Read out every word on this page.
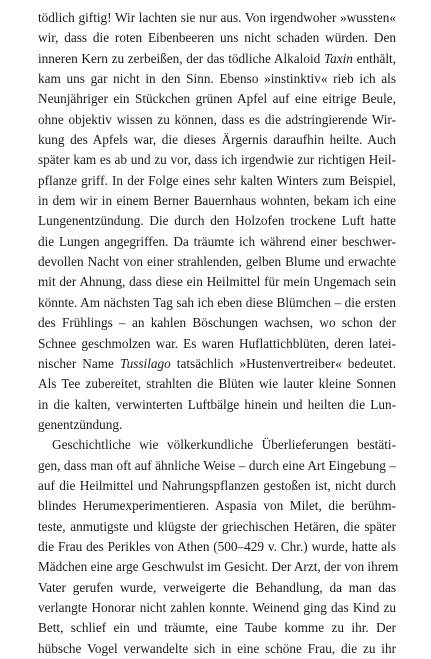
tödlich giftig! Wir lachten sie nur aus. Von irgendwoher »wussten«
wir, dass die roten Eibenbeeren uns nicht schaden würden. Den
inneren Kern zu zerbeißen, der das tödliche Alkaloid Taxin enthält,
kam uns gar nicht in den Sinn. Ebenso »instinktiv« rieb ich als
Neunjähriger ein Stückchen grünen Apfel auf eine eitrige Beule,
ohne objektiv wissen zu können, dass es die adstringierende Wir-
kung des Apfels war, die dieses Ärgernis daraufhin heilte. Auch
später kam es ab und zu vor, dass ich irgendwie zur richtigen Heil-
pflanze griff. In der Folge eines sehr kalten Winters zum Beispiel,
in dem wir in einem Berner Bauernhaus wohnten, bekam ich eine
Lungenentzündung. Die durch den Holzofen trockene Luft hatte
die Lungen angegriffen. Da träumte ich während einer beschwer-
devollen Nacht von einer strahlenden, gelben Blume und erwachte
mit der Ahnung, dass diese ein Heilmittel für mein Ungemach sein
könnte. Am nächsten Tag sah ich eben diese Blümchen – die ersten
des Frühlings – an kahlen Böschungen wachsen, wo schon der
Schnee geschmolzen war. Es waren Huflattichblüten, deren latei-
nischer Name Tussilago tatsächlich »Hustenvertreiber« bedeutet.
Als Tee zubereitet, strahlten die Blüten wie lauter kleine Sonnen
in die kalten, verwinterten Luftbälge hinein und heilten die Lun-
genentzündung.
Geschichtliche wie völkerkundliche Überlieferungen bestäti-
gen, dass man oft auf ähnliche Weise – durch eine Art Eingebung –
auf die Heilmittel und Nahrungspflanzen gestoßen ist, nicht durch
blindes Herumexperimentieren. Aspasia von Milet, die berühm-
teste, anmutigste und klügste der griechischen Hetären, die später
die Frau des Perikles von Athen (500–429 v. Chr.) wurde, hatte als
Mädchen eine arge Geschwulst im Gesicht. Der Arzt, der von ihrem
Vater gerufen wurde, verweigerte die Behandlung, da man das
verlangte Honorar nicht zahlen konnte. Weinend ging das Kind zu
Bett, schlief ein und träumte, eine Taube komme zu ihr. Der
hübsche Vogel verwandelte sich in eine schöne Frau, die zu ihr
